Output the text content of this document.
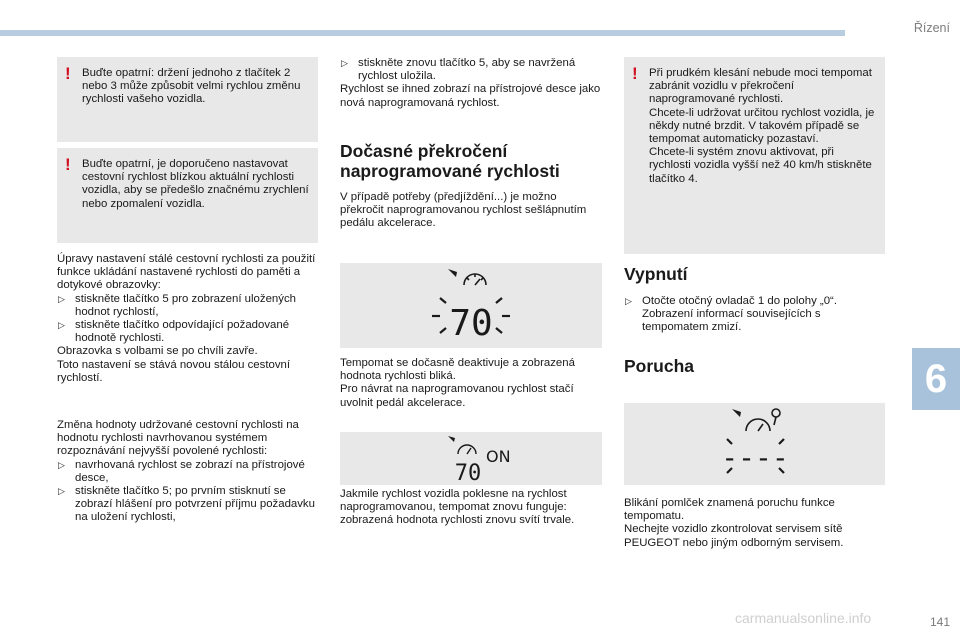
Řízení
! Buďte opatrní: držení jednoho z tlačítek 2 nebo 3 může způsobit velmi rychlou změnu rychlosti vašeho vozidla.
! Buďte opatrní, je doporučeno nastavovat cestovní rychlost blízkou aktuální rychlosti vozidla, aby se předešlo značnému zrychlení nebo zpomalení vozidla.

Úpravy nastavení stálé cestovní rychlosti za použití funkce ukládání nastavené rychlosti do paměti a dotykové obrazovky:

▷ stiskněte tlačítko 5 pro zobrazení uložených hodnot rychlostí,
▷ stiskněte tlačítko odpovídající požadované hodnotě rychlosti.

Obrazovka s volbami se po chvíli zavře.

Toto nastavení se stává novou stálou cestovní rychlostí.

Změna hodnoty udržované cestovní rychlosti na hodnotu rychlosti navrhovanou systémem rozpoznávání nejvyšší povolené rychlosti:

▷ navrhovaná rychlost se zobrazí na přístrojové desce,
▷ stiskněte tlačítko 5; po prvním stisknutí se zobrazí hlášení pro potvrzení příjmu požadavku na uložení rychlosti,
▷ stiskněte znovu tlačítko 5, aby se navržená rychlost uložila.

Rychlost se ihned zobrazí na přístrojové desce jako nová naprogramovaná rychlost.

Dočasné překročení naprogramované rychlosti

V případě potřeby (předjíždění...) je možno překročit naprogramovanou rychlost sešlápnutím pedálu akcelerace.

70

Tempomat se dočasně deaktivuje a zobrazená hodnota rychlosti bliká.

Pro návrat na naprogramovanou rychlost stačí uvolnit pedál akcelerace.

70
ON

Jakmile rychlost vozidla poklesne na rychlost naprogramovanou, tempomat znovu funguje: zobrazená hodnota rychlosti znovu svítí trvale.

! Při prudkém klesání nebude moci tempomat zabránit vozidlu v překročení naprogramované rychlosti.
Chcete-li udržovat určitou rychlost vozidla, je někdy nutné brzdit. V takovém případě se tempomat automaticky pozastaví.
Chcete-li systém znovu aktivovat, při rychlosti vozidla vyšší než 40 km/h stiskněte tlačítko 4.
Vypnutí
▷ Otočte otočný ovladač 1 do polohy „0“. Zobrazení informací souvisejících s tempomatem zmizí.
Porucha
----

Blikání pomlček znamená poruchu funkce tempomatu.

Nechejte vozidlo zkontrolovat servisem sítě PEUGEOT nebo jiným odborným servisem.

6
carmanualsonline.info	141
